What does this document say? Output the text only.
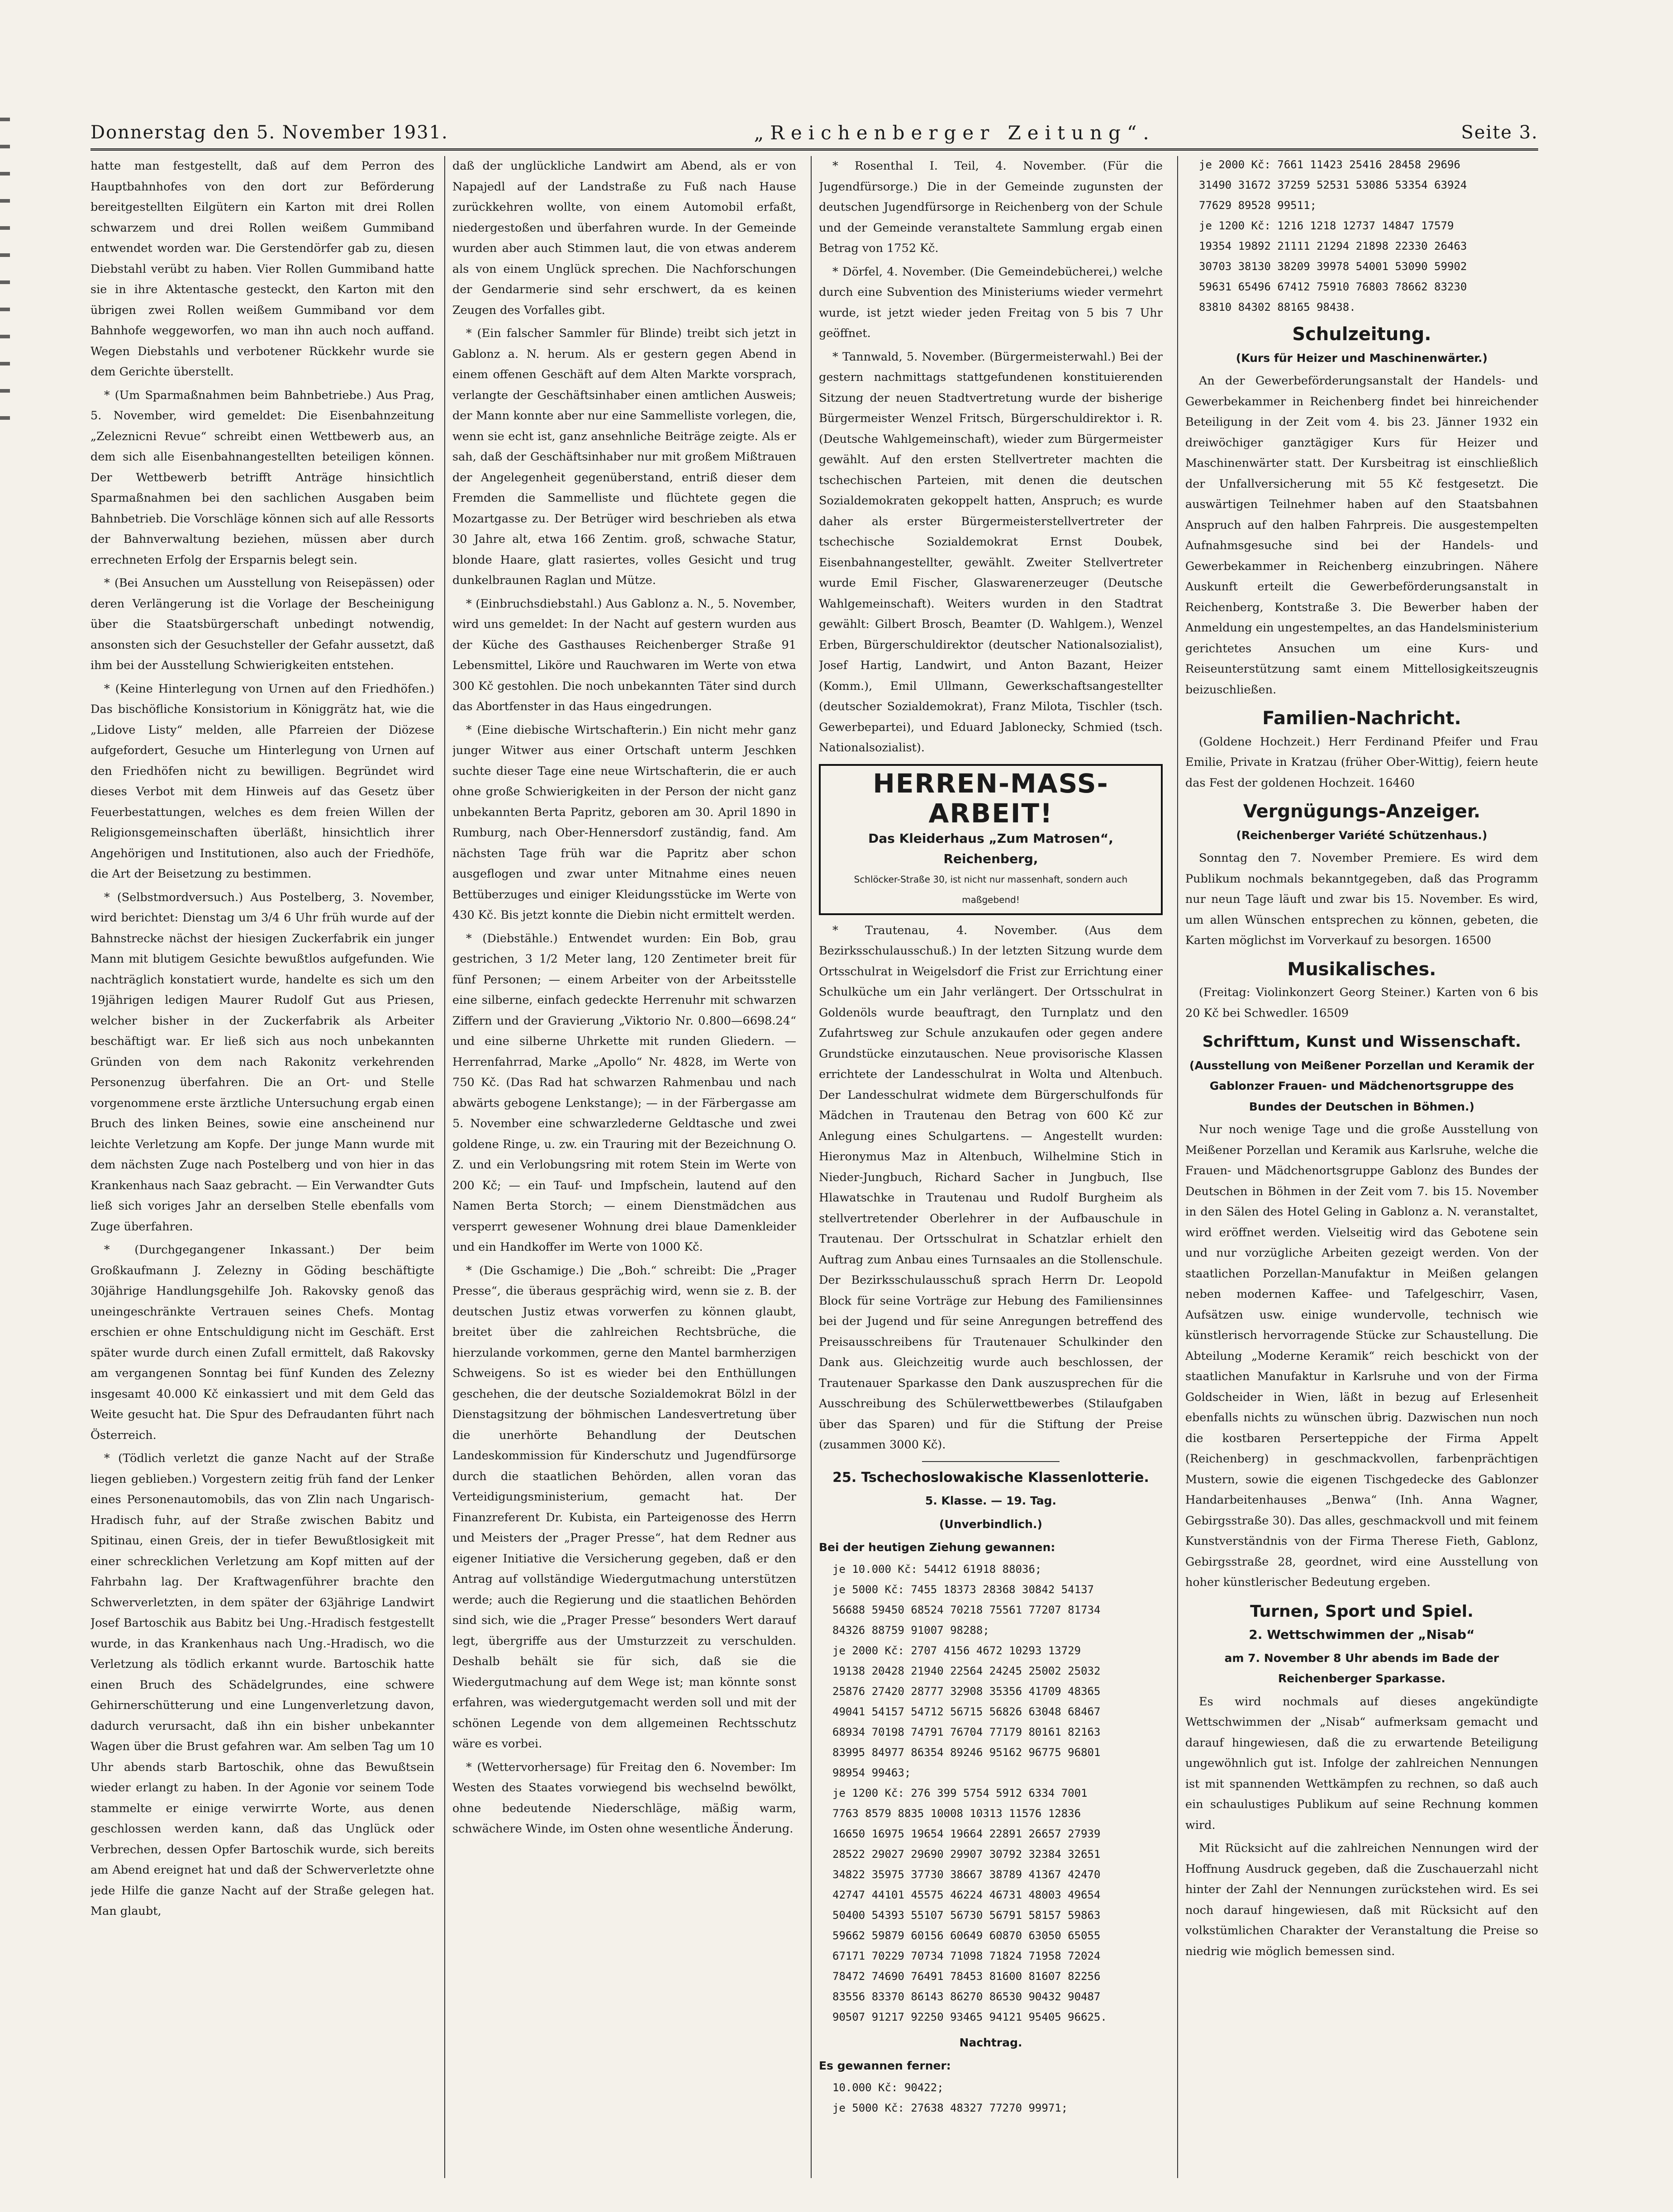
Donnerstag den 5. November 1931.	„Reichenberger Zeitung“.	Seite 3.

hatte man festgestellt, daß auf dem Perron des Hauptbahnhofes von den dort zur Beförderung bereitgestellten Eilgütern ein Karton mit drei Rollen schwarzem und drei Rollen weißem Gummiband entwendet worden war. Die Gerstendörfer gab zu, diesen Diebstahl verübt zu haben. Vier Rollen Gummiband hatte sie in ihre Aktentasche gesteckt, den Karton mit den übrigen zwei Rollen weißem Gummiband vor dem Bahnhofe weggeworfen, wo man ihn auch noch auffand. Wegen Diebstahls und verbotener Rückkehr wurde sie dem Gerichte überstellt.

* (Um Sparmaßnahmen beim Bahnbetriebe.) Aus Prag, 5. November, wird gemeldet: Die Eisenbahnzeitung „Zeleznicni Revue“ schreibt einen Wettbewerb aus, an dem sich alle Eisenbahnangestellten beteiligen können. Der Wettbewerb betrifft Anträge hinsichtlich Sparmaßnahmen bei den sachlichen Ausgaben beim Bahnbetrieb. Die Vorschläge können sich auf alle Ressorts der Bahnverwaltung beziehen, müssen aber durch errechneten Erfolg der Ersparnis belegt sein.

* (Bei Ansuchen um Ausstellung von Reisepässen) oder deren Verlängerung ist die Vorlage der Bescheinigung über die Staatsbürgerschaft unbedingt notwendig, ansonsten sich der Gesuchsteller der Gefahr aussetzt, daß ihm bei der Ausstellung Schwierigkeiten entstehen.

* (Keine Hinterlegung von Urnen auf den Friedhöfen.) Das bischöfliche Konsistorium in Königgrätz hat, wie die „Lidove Listy“ melden, alle Pfarreien der Diözese aufgefordert, Gesuche um Hinterlegung von Urnen auf den Friedhöfen nicht zu bewilligen. Begründet wird dieses Verbot mit dem Hinweis auf das Gesetz über Feuerbestattungen, welches es dem freien Willen der Religionsgemeinschaften überläßt, hinsichtlich ihrer Angehörigen und Institutionen, also auch der Friedhöfe, die Art der Beisetzung zu bestimmen.

* (Selbstmordversuch.) Aus Postelberg, 3. November, wird berichtet: Dienstag um 3/4 6 Uhr früh wurde auf der Bahnstrecke nächst der hiesigen Zuckerfabrik ein junger Mann mit blutigem Gesichte bewußtlos aufgefunden. Wie nachträglich konstatiert wurde, handelte es sich um den 19jährigen ledigen Maurer Rudolf Gut aus Priesen, welcher bisher in der Zuckerfabrik als Arbeiter beschäftigt war. Er ließ sich aus noch unbekannten Gründen von dem nach Rakonitz verkehrenden Personenzug überfahren. Die an Ort- und Stelle vorgenommene erste ärztliche Untersuchung ergab einen Bruch des linken Beines, sowie eine anscheinend nur leichte Verletzung am Kopfe. Der junge Mann wurde mit dem nächsten Zuge nach Postelberg und von hier in das Krankenhaus nach Saaz gebracht. — Ein Verwandter Guts ließ sich voriges Jahr an derselben Stelle ebenfalls vom Zuge überfahren.

* (Durchgegangener Inkassant.) Der beim Großkaufmann J. Zelezny in Göding beschäftigte 30jährige Handlungsgehilfe Joh. Rakovsky genoß das uneingeschränkte Vertrauen seines Chefs. Montag erschien er ohne Entschuldigung nicht im Geschäft. Erst später wurde durch einen Zufall ermittelt, daß Rakovsky am vergangenen Sonntag bei fünf Kunden des Zelezny insgesamt 40.000 Kč einkassiert und mit dem Geld das Weite gesucht hat. Die Spur des Defraudanten führt nach Österreich.

* (Tödlich verletzt die ganze Nacht auf der Straße liegen geblieben.) Vorgestern zeitig früh fand der Lenker eines Personenautomobils, das von Zlin nach Ungarisch-Hradisch fuhr, auf der Straße zwischen Babitz und Spitinau, einen Greis, der in tiefer Bewußtlosigkeit mit einer schrecklichen Verletzung am Kopf mitten auf der Fahrbahn lag. Der Kraftwagenführer brachte den Schwerverletzten, in dem später der 63jährige Landwirt Josef Bartoschik aus Babitz bei Ung.-Hradisch festgestellt wurde, in das Krankenhaus nach Ung.-Hradisch, wo die Verletzung als tödlich erkannt wurde. Bartoschik hatte einen Bruch des Schädelgrundes, eine schwere Gehirnerschütterung und eine Lungenverletzung davon, dadurch verursacht, daß ihn ein bisher unbekannter Wagen über die Brust gefahren war. Am selben Tag um 10 Uhr abends starb Bartoschik, ohne das Bewußtsein wieder erlangt zu haben. In der Agonie vor seinem Tode stammelte er einige verwirrte Worte, aus denen geschlossen werden kann, daß das Unglück oder Verbrechen, dessen Opfer Bartoschik wurde, sich bereits am Abend ereignet hat und daß der Schwerverletzte ohne jede Hilfe die ganze Nacht auf der Straße gelegen hat. Man glaubt,

daß der unglückliche Landwirt am Abend, als er von Napajedl auf der Landstraße zu Fuß nach Hause zurückkehren wollte, von einem Automobil erfaßt, niedergestoßen und überfahren wurde. In der Gemeinde wurden aber auch Stimmen laut, die von etwas anderem als von einem Unglück sprechen. Die Nachforschungen der Gendarmerie sind sehr erschwert, da es keinen Zeugen des Vorfalles gibt.

* (Ein falscher Sammler für Blinde) treibt sich jetzt in Gablonz a. N. herum. Als er gestern gegen Abend in einem offenen Geschäft auf dem Alten Markte vorsprach, verlangte der Geschäftsinhaber einen amtlichen Ausweis; der Mann konnte aber nur eine Sammelliste vorlegen, die, wenn sie echt ist, ganz ansehnliche Beiträge zeigte. Als er sah, daß der Geschäftsinhaber nur mit großem Mißtrauen der Angelegenheit gegenüberstand, entriß dieser dem Fremden die Sammelliste und flüchtete gegen die Mozartgasse zu. Der Betrüger wird beschrieben als etwa 30 Jahre alt, etwa 166 Zentim. groß, schwache Statur, blonde Haare, glatt rasiertes, volles Gesicht und trug dunkelbraunen Raglan und Mütze.

* (Einbruchsdiebstahl.) Aus Gablonz a. N., 5. November, wird uns gemeldet: In der Nacht auf gestern wurden aus der Küche des Gasthauses Reichenberger Straße 91 Lebensmittel, Liköre und Rauchwaren im Werte von etwa 300 Kč gestohlen. Die noch unbekannten Täter sind durch das Abortfenster in das Haus eingedrungen.

* (Eine diebische Wirtschafterin.) Ein nicht mehr ganz junger Witwer aus einer Ortschaft unterm Jeschken suchte dieser Tage eine neue Wirtschafterin, die er auch ohne große Schwierigkeiten in der Person der nicht ganz unbekannten Berta Papritz, geboren am 30. April 1890 in Rumburg, nach Ober-Hennersdorf zuständig, fand. Am nächsten Tage früh war die Papritz aber schon ausgeflogen und zwar unter Mitnahme eines neuen Bettüberzuges und einiger Kleidungsstücke im Werte von 430 Kč. Bis jetzt konnte die Diebin nicht ermittelt werden.

* (Diebstähle.) Entwendet wurden: Ein Bob, grau gestrichen, 3 1/2 Meter lang, 120 Zentimeter breit für fünf Personen; — einem Arbeiter von der Arbeitsstelle eine silberne, einfach gedeckte Herrenuhr mit schwarzen Ziffern und der Gravierung „Viktorio Nr. 0.800—6698.24“ und eine silberne Uhrkette mit runden Gliedern. — Herrenfahrrad, Marke „Apollo“ Nr. 4828, im Werte von 750 Kč. (Das Rad hat schwarzen Rahmenbau und nach abwärts gebogene Lenkstange); — in der Färbergasse am 5. November eine schwarzlederne Geldtasche und zwei goldene Ringe, u. zw. ein Trauring mit der Bezeichnung O. Z. und ein Verlobungsring mit rotem Stein im Werte von 200 Kč; — ein Tauf- und Impfschein, lautend auf den Namen Berta Storch; — einem Dienstmädchen aus versperrt gewesener Wohnung drei blaue Damenkleider und ein Handkoffer im Werte von 1000 Kč.

* (Die Gschamige.) Die „Boh.“ schreibt: Die „Prager Presse“, die überaus gesprächig wird, wenn sie z. B. der deutschen Justiz etwas vorwerfen zu können glaubt, breitet über die zahlreichen Rechtsbrüche, die hierzulande vorkommen, gerne den Mantel barmherzigen Schweigens. So ist es wieder bei den Enthüllungen geschehen, die der deutsche Sozialdemokrat Bölzl in der Dienstagsitzung der böhmischen Landesvertretung über die unerhörte Behandlung der Deutschen Landeskommission für Kinderschutz und Jugendfürsorge durch die staatlichen Behörden, allen voran das Verteidigungsministerium, gemacht hat. Der Finanzreferent Dr. Kubista, ein Parteigenosse des Herrn und Meisters der „Prager Presse“, hat dem Redner aus eigener Initiative die Versicherung gegeben, daß er den Antrag auf vollständige Wiedergutmachung unterstützen werde; auch die Regierung und die staatlichen Behörden sind sich, wie die „Prager Presse“ besonders Wert darauf legt, übergriffe aus der Umsturzzeit zu verschulden. Deshalb behält sie für sich, daß sie die Wiedergutmachung auf dem Wege ist; man könnte sonst erfahren, was wiedergutgemacht werden soll und mit der schönen Legende von dem allgemeinen Rechtsschutz wäre es vorbei.

* (Wettervorhersage) für Freitag den 6. November: Im Westen des Staates vorwiegend bis wechselnd bewölkt, ohne bedeutende Niederschläge, mäßig warm, schwächere Winde, im Osten ohne wesentliche Änderung.

* Rosenthal I. Teil, 4. November. (Für die Jugendfürsorge.) Die in der Gemeinde zugunsten der deutschen Jugendfürsorge in Reichenberg von der Schule und der Gemeinde veranstaltete Sammlung ergab einen Betrag von 1752 Kč.

* Dörfel, 4. November. (Die Gemeindebücherei,) welche durch eine Subvention des Ministeriums wieder vermehrt wurde, ist jetzt wieder jeden Freitag von 5 bis 7 Uhr geöffnet.

* Tannwald, 5. November. (Bürgermeisterwahl.) Bei der gestern nachmittags stattgefundenen konstituierenden Sitzung der neuen Stadtvertretung wurde der bisherige Bürgermeister Wenzel Fritsch, Bürgerschuldirektor i. R. (Deutsche Wahlgemeinschaft), wieder zum Bürgermeister gewählt. Auf den ersten Stellvertreter machten die tschechischen Parteien, mit denen die deutschen Sozialdemokraten gekoppelt hatten, Anspruch; es wurde daher als erster Bürgermeisterstellvertreter der tschechische Sozialdemokrat Ernst Doubek, Eisenbahnangestellter, gewählt. Zweiter Stellvertreter wurde Emil Fischer, Glaswarenerzeuger (Deutsche Wahlgemeinschaft). Weiters wurden in den Stadtrat gewählt: Gilbert Brosch, Beamter (D. Wahlgem.), Wenzel Erben, Bürgerschuldirektor (deutscher Nationalsozialist), Josef Hartig, Landwirt, und Anton Bazant, Heizer (Komm.), Emil Ullmann, Gewerkschaftsangestellter (deutscher Sozialdemokrat), Franz Milota, Tischler (tsch. Gewerbepartei), und Eduard Jablonecky, Schmied (tsch. Nationalsozialist).

HERREN-MASS-ARBEIT!
Das Kleiderhaus „Zum Matrosen“, Reichenberg,
Schlöcker-Straße 30, ist nicht nur massenhaft, sondern auch maßgebend!

* Trautenau, 4. November. (Aus dem Bezirksschulausschuß.) In der letzten Sitzung wurde dem Ortsschulrat in Weigelsdorf die Frist zur Errichtung einer Schulküche um ein Jahr verlängert. Der Ortsschulrat in Goldenöls wurde beauftragt, den Turnplatz und den Zufahrtsweg zur Schule anzukaufen oder gegen andere Grundstücke einzutauschen. Neue provisorische Klassen errichtete der Landesschulrat in Wolta und Altenbuch. Der Landesschulrat widmete dem Bürgerschulfonds für Mädchen in Trautenau den Betrag von 600 Kč zur Anlegung eines Schulgartens. — Angestellt wurden: Hieronymus Maz in Altenbuch, Wilhelmine Stich in Nieder-Jungbuch, Richard Sacher in Jungbuch, Ilse Hlawatschke in Trautenau und Rudolf Burgheim als stellvertretender Oberlehrer in der Aufbauschule in Trautenau. Der Ortsschulrat in Schatzlar erhielt den Auftrag zum Anbau eines Turnsaales an die Stollenschule. Der Bezirksschulausschuß sprach Herrn Dr. Leopold Block für seine Vorträge zur Hebung des Familiensinnes bei der Jugend und für seine Anregungen betreffend des Preisausschreibens für Trautenauer Schulkinder den Dank aus. Gleichzeitig wurde auch beschlossen, der Trautenauer Sparkasse den Dank auszusprechen für die Ausschreibung des Schülerwettbewerbes (Stilaufgaben über das Sparen) und für die Stiftung der Preise (zusammen 3000 Kč).

25. Tschechoslowakische Klassenlotterie.
5. Klasse. — 19. Tag.
(Unverbindlich.)
Bei der heutigen Ziehung gewannen:

je 10.000 Kč: 54412 61918 88036;

je 5000 Kč: 7455 18373 28368 30842 54137

56688 59450 68524 70218 75561 77207 81734

84326 88759 91007 98288;

je 2000 Kč: 2707 4156 4672 10293 13729

19138 20428 21940 22564 24245 25002 25032

25876 27420 28777 32908 35356 41709 48365

49041 54157 54712 56715 56826 63048 68467

68934 70198 74791 76704 77179 80161 82163

83995 84977 86354 89246 95162 96775 96801

98954 99463;

je 1200 Kč: 276 399 5754 5912 6334 7001

7763 8579 8835 10008 10313 11576 12836

16650 16975 19654 19664 22891 26657 27939

28522 29027 29690 29907 30792 32384 32651

34822 35975 37730 38667 38789 41367 42470

42747 44101 45575 46224 46731 48003 49654

50400 54393 55107 56730 56791 58157 59863

59662 59879 60156 60649 60870 63050 65055

67171 70229 70734 71098 71824 71958 72024

78472 74690 76491 78453 81600 81607 82256

83556 83370 86143 86270 86530 90432 90487

90507 91217 92250 93465 94121 95405 96625.

Nachtrag.
Es gewannen ferner:

10.000 Kč: 90422;

je 5000 Kč: 27638 48327 77270 99971;

je 2000 Kč: 7661 11423 25416 28458 29696

31490 31672 37259 52531 53086 53354 63924

77629 89528 99511;

je 1200 Kč: 1216 1218 12737 14847 17579

19354 19892 21111 21294 21898 22330 26463

30703 38130 38209 39978 54001 53090 59902

59631 65496 67412 75910 76803 78662 83230

83810 84302 88165 98438.

Schulzeitung.
(Kurs für Heizer und Maschinenwärter.)

An der Gewerbeförderungsanstalt der Handels- und Gewerbekammer in Reichenberg findet bei hinreichender Beteiligung in der Zeit vom 4. bis 23. Jänner 1932 ein dreiwöchiger ganztägiger Kurs für Heizer und Maschinenwärter statt. Der Kursbeitrag ist einschließlich der Unfallversicherung mit 55 Kč festgesetzt. Die auswärtigen Teilnehmer haben auf den Staatsbahnen Anspruch auf den halben Fahrpreis. Die ausgestempelten Aufnahmsgesuche sind bei der Handels- und Gewerbekammer in Reichenberg einzubringen. Nähere Auskunft erteilt die Gewerbeförderungsanstalt in Reichenberg, Kontstraße 3. Die Bewerber haben der Anmeldung ein ungestempeltes, an das Handelsministerium gerichtetes Ansuchen um eine Kurs- und Reiseunterstützung samt einem Mittellosigkeitszeugnis beizuschließen.

Familien-Nachricht.

(Goldene Hochzeit.) Herr Ferdinand Pfeifer und Frau Emilie, Private in Kratzau (früher Ober-Wittig), feiern heute das Fest der goldenen Hochzeit. 16460

Vergnügungs-Anzeiger.
(Reichenberger Variété Schützenhaus.)

Sonntag den 7. November Premiere. Es wird dem Publikum nochmals bekanntgegeben, daß das Programm nur neun Tage läuft und zwar bis 15. November. Es wird, um allen Wünschen entsprechen zu können, gebeten, die Karten möglichst im Vorverkauf zu besorgen. 16500

Musikalisches.

(Freitag: Violinkonzert Georg Steiner.) Karten von 6 bis 20 Kč bei Schwedler. 16509

Schrifttum, Kunst und Wissenschaft.
(Ausstellung von Meißener Porzellan und Keramik der Gablonzer Frauen- und Mädchenortsgruppe des Bundes der Deutschen in Böhmen.)

Nur noch wenige Tage und die große Ausstellung von Meißener Porzellan und Keramik aus Karlsruhe, welche die Frauen- und Mädchenortsgruppe Gablonz des Bundes der Deutschen in Böhmen in der Zeit vom 7. bis 15. November in den Sälen des Hotel Geling in Gablonz a. N. veranstaltet, wird eröffnet werden. Vielseitig wird das Gebotene sein und nur vorzügliche Arbeiten gezeigt werden. Von der staatlichen Porzellan-Manufaktur in Meißen gelangen neben modernen Kaffee- und Tafelgeschirr, Vasen, Aufsätzen usw. einige wundervolle, technisch wie künstlerisch hervorragende Stücke zur Schaustellung. Die Abteilung „Moderne Keramik“ reich beschickt von der staatlichen Manufaktur in Karlsruhe und von der Firma Goldscheider in Wien, läßt in bezug auf Erlesenheit ebenfalls nichts zu wünschen übrig. Dazwischen nun noch die kostbaren Perserteppiche der Firma Appelt (Reichenberg) in geschmackvollen, farbenprächtigen Mustern, sowie die eigenen Tischgedecke des Gablonzer Handarbeitenhauses „Benwa“ (Inh. Anna Wagner, Gebirgsstraße 30). Das alles, geschmackvoll und mit feinem Kunstverständnis von der Firma Therese Fieth, Gablonz, Gebirgsstraße 28, geordnet, wird eine Ausstellung von hoher künstlerischer Bedeutung ergeben.

Turnen, Sport und Spiel.
2. Wettschwimmen der „Nisab“
am 7. November 8 Uhr abends im Bade der Reichenberger Sparkasse.

Es wird nochmals auf dieses angekündigte Wettschwimmen der „Nisab“ aufmerksam gemacht und darauf hingewiesen, daß die zu erwartende Beteiligung ungewöhnlich gut ist. Infolge der zahlreichen Nennungen ist mit spannenden Wettkämpfen zu rechnen, so daß auch ein schaulustiges Publikum auf seine Rechnung kommen wird.

Mit Rücksicht auf die zahlreichen Nennungen wird der Hoffnung Ausdruck gegeben, daß die Zuschauerzahl nicht hinter der Zahl der Nennungen zurückstehen wird. Es sei noch darauf hingewiesen, daß mit Rücksicht auf den volkstümlichen Charakter der Veranstaltung die Preise so niedrig wie möglich bemessen sind.
